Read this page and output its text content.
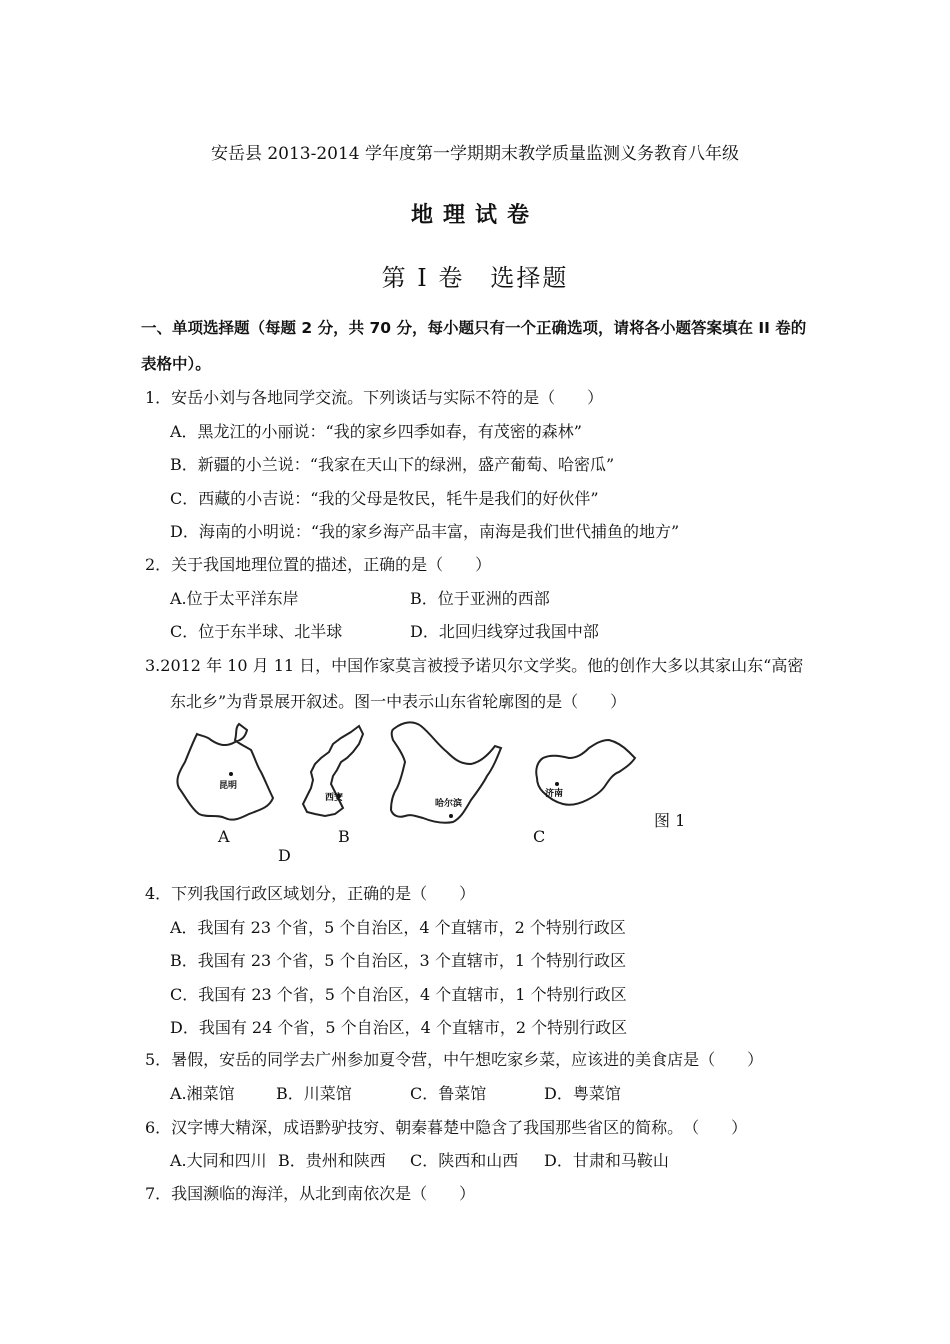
安岳县 2013-2014 学年度第一学期期末教学质量监测义务教育八年级
地理试卷
第 I 卷　选择题
一、单项选择题（每题 2 分，共 70 分，每小题只有一个正确选项，请将各小题答案填在 II 卷的
表格中）。
1．安岳小刘与各地同学交流。下列谈话与实际不符的是（　　）
A．黑龙江的小丽说：“我的家乡四季如春，有茂密的森林”
B．新疆的小兰说：“我家在天山下的绿洲，盛产葡萄、哈密瓜”
C．西藏的小吉说：“我的父母是牧民，牦牛是我们的好伙伴”
D．海南的小明说：“我的家乡海产品丰富，南海是我们世代捕鱼的地方”
2．关于我国地理位置的描述，正确的是（　　）
A.位于太平洋东岸	B．位于亚洲的西部
C．位于东半球、北半球	D．北回归线穿过我国中部
3.2012 年 10 月 11 日，中国作家莫言被授予诺贝尔文学奖。他的创作大多以其家山东“高密
东北乡”为背景展开叙述。图一中表示山东省轮廓图的是（　　）
昆明
西安
哈尔滨
济南
A	B	C
D
图 1
4．下列我国行政区域划分，正确的是（　　）
A．我国有 23 个省，5 个自治区，4 个直辖市，2 个特别行政区
B．我国有 23 个省，5 个自治区，3 个直辖市，1 个特别行政区
C．我国有 23 个省，5 个自治区，4 个直辖市，1 个特别行政区
D．我国有 24 个省，5 个自治区，4 个直辖市，2 个特别行政区
5．暑假，安岳的同学去广州参加夏令营，中午想吃家乡菜，应该进的美食店是（　　）
A.湘菜馆	B．川菜馆	C．鲁菜馆	D．粤菜馆
6．汉字博大精深，成语黔驴技穷、朝秦暮楚中隐含了我国那些省区的简称。　（　　）
A.大同和四川 B．贵州和陕西 C．陕西和山西 D．甘肃和马鞍山
7．我国濒临的海洋，从北到南依次是（　　）
